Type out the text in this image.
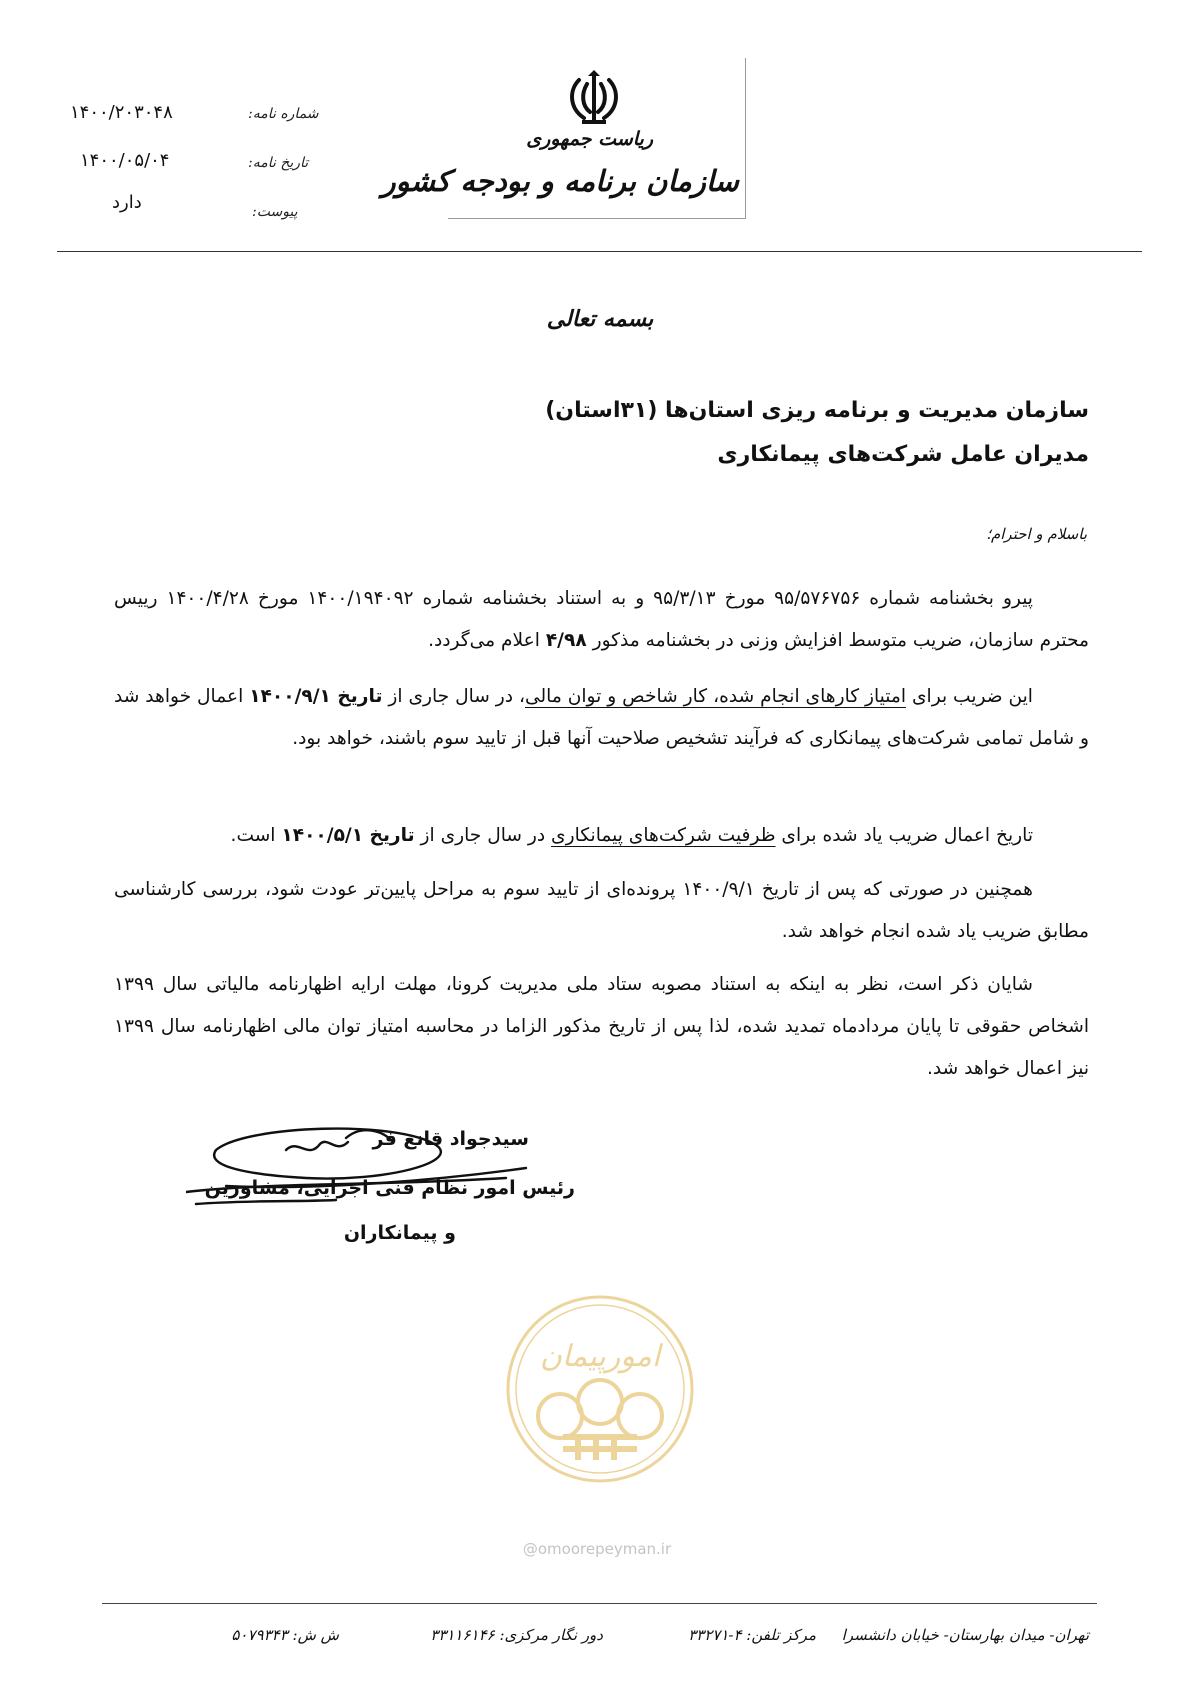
شماره نامه:
۱۴۰۰/۲۰۳۰۴۸
تاریخ نامه:
۱۴۰۰/۰۵/۰۴
پیوست:
دارد
ریاست جمهوری
سازمان برنامه و بودجه کشور
بسمه تعالی
سازمان مدیریت و برنامه ریزی استان‌ها (۳۱استان)
مدیران عامل شرکت‌های پیمانکاری
باسلام و احترام؛
پیرو بخشنامه شماره ۹۵/۵۷۶۷۵۶ مورخ ۹۵/۳/۱۳ و به استناد بخشنامه شماره ۱۴۰۰/۱۹۴۰۹۲ مورخ ۱۴۰۰/۴/۲۸ رییس محترم سازمان، ضریب متوسط افزایش وزنی در بخشنامه مذکور ۴/۹۸ اعلام می‌گردد.
این ضریب برای امتیاز کارهای انجام شده، کار شاخص و توان مالی، در سال جاری از تاریخ ۱۴۰۰/۹/۱ اعمال خواهد شد و شامل تمامی شرکت‌های پیمانکاری که فرآیند تشخیص صلاحیت آنها قبل از تایید سوم باشند، خواهد بود.
تاریخ اعمال ضریب یاد شده برای ظرفیت شرکت‌های پیمانکاری در سال جاری از تاریخ ۱۴۰۰/۵/۱ است.
همچنین در صورتی که پس از تاریخ ۱۴۰۰/۹/۱ پرونده‌ای از تایید سوم به مراحل پایین‌تر عودت شود، بررسی کارشناسی مطابق ضریب یاد شده انجام خواهد شد.
شایان ذکر است، نظر به اینکه به استناد مصوبه ستاد ملی مدیریت کرونا، مهلت ارایه اظهارنامه مالیاتی سال ۱۳۹۹ اشخاص حقوقی تا پایان مردادماه تمدید شده، لذا پس از تاریخ مذکور الزاما در محاسبه امتیاز توان مالی اظهارنامه سال ۱۳۹۹ نیز اعمال خواهد شد.
سیدجواد قانع فر
رئیس امور نظام فنی اجرایی، مشاورین
و پیمانکاران
امورپیمان
@omoorepeyman.ir
تهران- میدان بهارستان- خیابان دانشسرا
مرکز تلفن: ۴-۳۳۲۷۱
دور نگار مرکزی: ۳۳۱۱۶۱۴۶
ش ش: ۵۰۷۹۳۴۳
